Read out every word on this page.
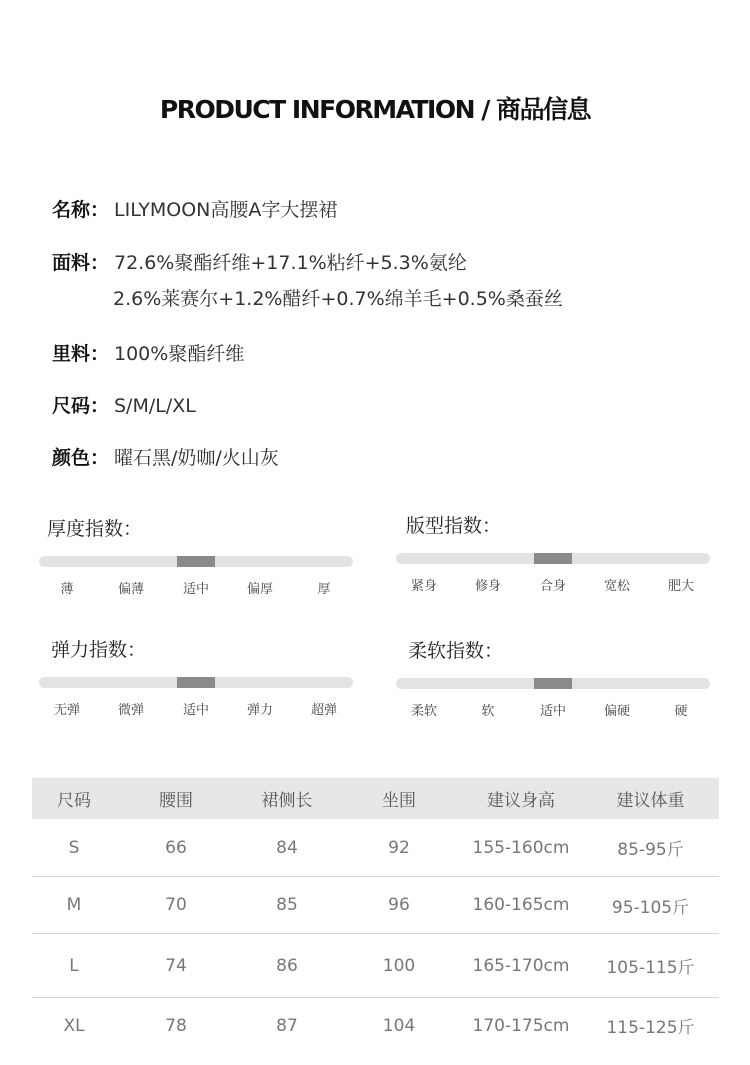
PRODUCT INFORMATION / 商品信息
名称： LILYMOON高腰A字大摆裙
面料： 72.6%聚酯纤维+17.1%粘纤+5.3%氨纶
2.6%莱赛尔+1.2%醋纤+0.7%绵羊毛+0.5%桑蚕丝
里料： 100%聚酯纤维
尺码： S/M/L/XL
颜色： 曜石黑/奶咖/火山灰
厚度指数：
薄	偏薄	适中	偏厚	厚
版型指数：
紧身	修身	合身	宽松	肥大
弹力指数：
无弹	微弹	适中	弹力	超弹
柔软指数：
柔软	软	适中	偏硬	硬
尺码	腰围	裙侧长	坐围	建议身高	建议体重
S	66	84	92	155-160cm	85-95斤
M	70	85	96	160-165cm	95-105斤
L	74	86	100	165-170cm	105-115斤
XL	78	87	104	170-175cm	115-125斤
